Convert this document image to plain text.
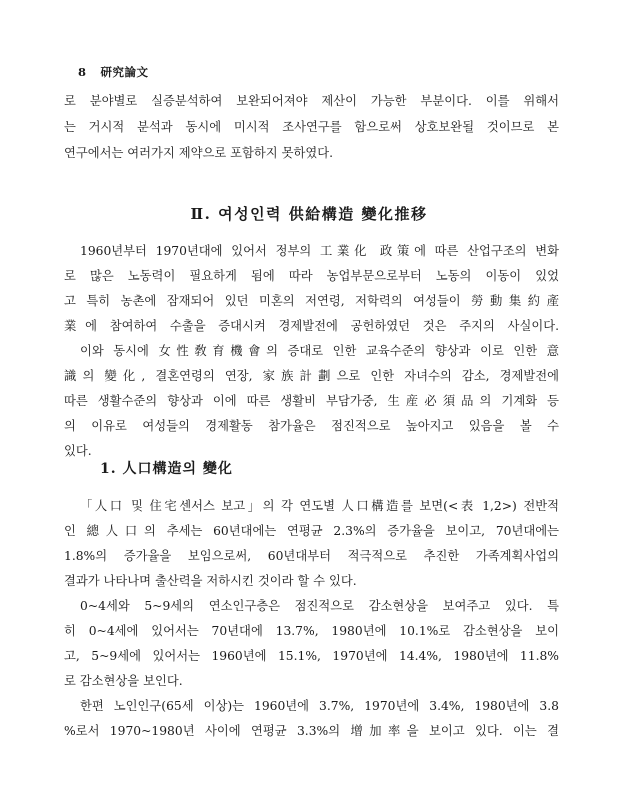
8 研究論文
로 분야별로 실증분석하여 보완되어져야 제산이 가능한 부분이다. 이를 위해서
는 거시적 분석과 동시에 미시적 조사연구를 함으로써 상호보완될 것이므로 본
연구에서는 여러가지 제약으로 포함하지 못하였다.
Ⅱ. 여성인력 供給構造 變化推移
1960년부터 1970년대에 있어서 정부의 工業化 政策에 따른 산업구조의 변화
로 많은 노동력이 필요하게 됨에 따라 농업부문으로부터 노동의 이동이 있었
고 특히 농촌에 잠재되어 있던 미혼의 저연령, 저학력의 여성들이 勞動集約產
業에 참여하여 수출을 증대시켜 경제발전에 공헌하였던 것은 주지의 사실이다.
이와 동시에 女性敎育機會의 증대로 인한 교육수준의 향상과 이로 인한 意
識의 變化, 결혼연령의 연장, 家族計劃으로 인한 자녀수의 감소, 경제발전에
따른 생활수준의 향상과 이에 따른 생활비 부담가중, 生産必須品의 기계화 등
의 이유로 여성들의 경제활동 참가율은 점진적으로 높아지고 있음을 볼 수
있다.
1. 人口構造의 變化
「人口 및 住宅센서스 보고」의 각 연도별 人口構造를 보면(<表 1,2>) 전반적
인 總人口의 추세는 60년대에는 연평균 2.3%의 증가율을 보이고, 70년대에는
1.8%의 증가율을 보임으로써, 60년대부터 적극적으로 추진한 가족계획사업의
결과가 나타나며 출산력을 저하시킨 것이라 할 수 있다.
0~4세와 5~9세의 연소인구층은 점진적으로 감소현상을 보여주고 있다. 특
히 0~4세에 있어서는 70년대에 13.7%, 1980년에 10.1%로 감소현상을 보이
고, 5~9세에 있어서는 1960년에 15.1%, 1970년에 14.4%, 1980년에 11.8%
로 감소현상을 보인다.
한편 노인인구(65세 이상)는 1960년에 3.7%, 1970년에 3.4%, 1980년에 3.8
%로서 1970~1980년 사이에 연평균 3.3%의 增加率을 보이고 있다. 이는 결
